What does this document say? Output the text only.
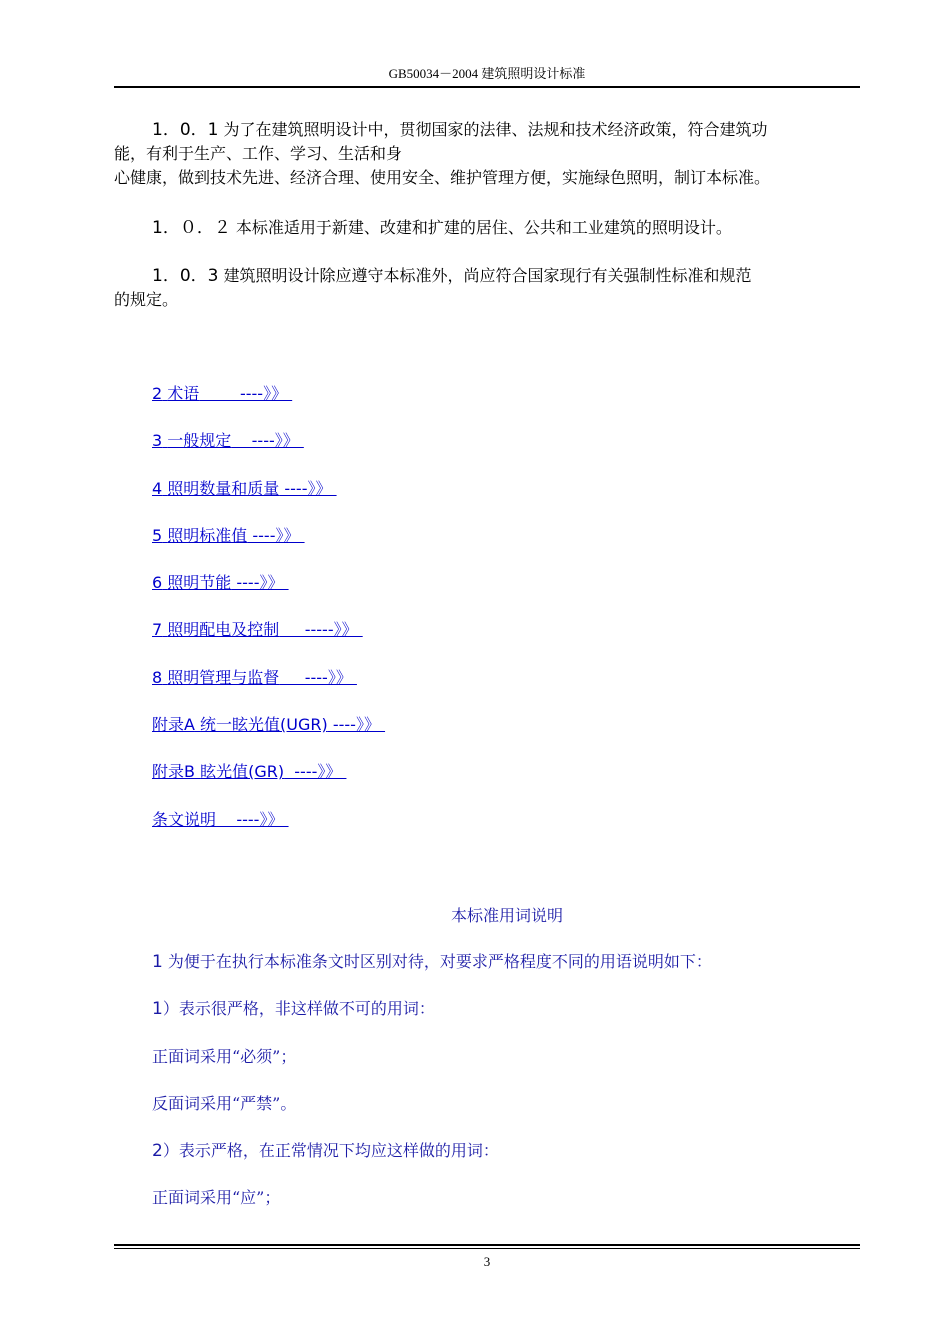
GB50034－2004 建筑照明设计标准
1．0．1 为了在建筑照明设计中，贯彻国家的法律、法规和技术经济政策，符合建筑功
能，有利于生产、工作、学习、生活和身
心健康，做到技术先进、经济合理、使用安全、维护管理方便，实施绿色照明，制订本标准。
1．０．２ 本标准适用于新建、改建和扩建的居住、公共和工业建筑的照明设计。
1．0．3 建筑照明设计除应遵守本标准外，尚应符合国家现行有关强制性标准和规范
的规定。
2 术语        ----》》
3 一般规定    ----》》
4 照明数量和质量 ----》》
5 照明标准值 ----》》
6 照明节能 ----》》
7 照明配电及控制     -----》》
8 照明管理与监督     ----》》
附录A 统一眩光值(UGR) ----》》
附录B 眩光值(GR)  ----》》
条文说明    ----》》
本标准用词说明
1 为便于在执行本标准条文时区别对待，对要求严格程度不同的用语说明如下：
1）表示很严格，非这样做不可的用词：
正面词采用“必须”；
反面词采用“严禁”。
2）表示严格，在正常情况下均应这样做的用词：
正面词采用“应”；
3
